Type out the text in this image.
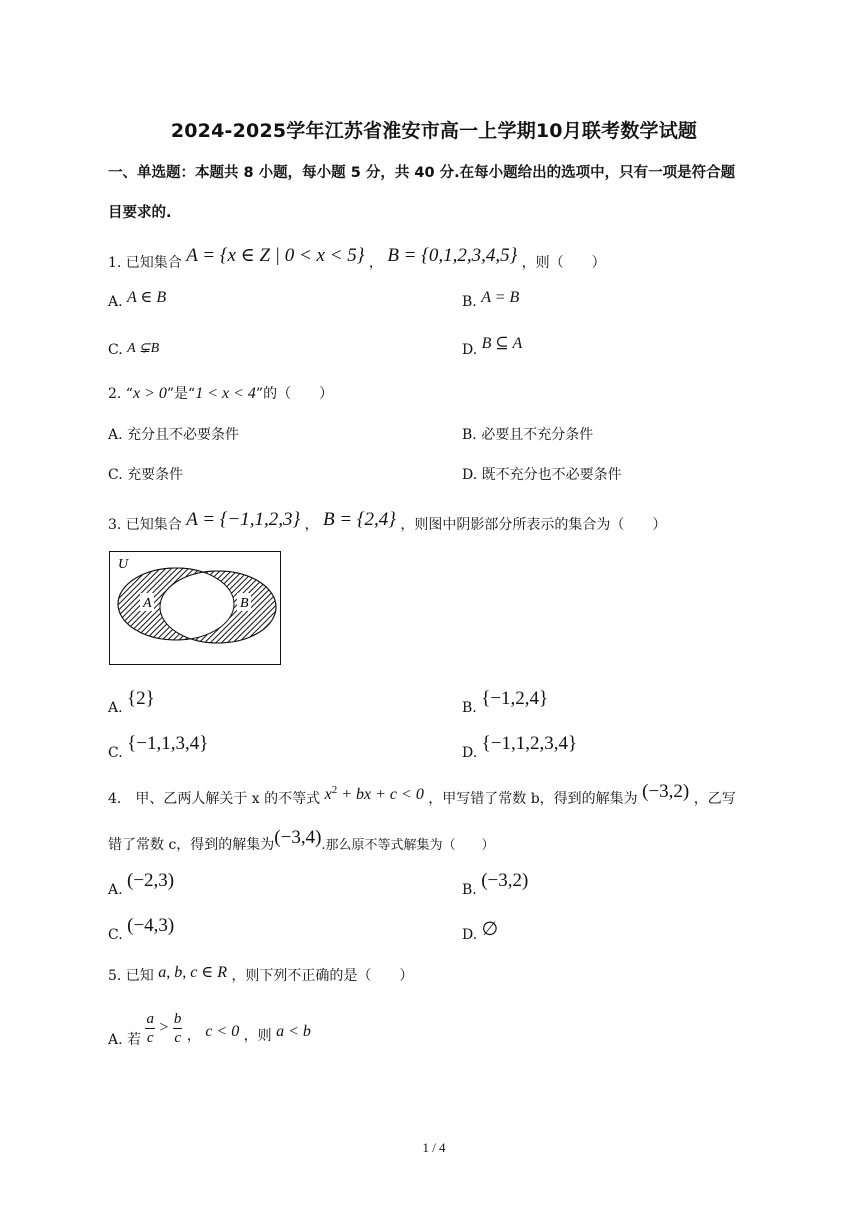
2024-2025学年江苏省淮安市高一上学期10月联考数学试题
一、单选题：本题共 8 小题，每小题 5 分，共 40 分.在每小题给出的选项中，只有一项是符合题
目要求的.
1. 已知集合 A = {x ∈ Z | 0 < x < 5} ， B = {0,1,2,3,4,5} ，则（　　）
A. A ∈ B	B. A = B
C. A ⊊B	D. B ⊆ A
2. “x > 0”是“1 < x < 4”的（　　）
A. 充分且不必要条件	B. 必要且不充分条件
C. 充要条件	D. 既不充分也不必要条件
3. 已知集合 A = {−1,1,2,3} ， B = {2,4} ，则图中阴影部分所表示的集合为（　　）
U
A	B
A. {2}	B. {−1,2,4}
C. {−1,1,3,4}	D. {−1,1,2,3,4}
4.　甲、乙两人解关于 x 的不等式 $x^2$ + bx + c < 0 ，甲写错了常数 b，得到的解集为 (−3,2) ，乙写
错了常数 c，得到的解集为(−3,4).那么原不等式解集为（　　）
A. (−2,3)	B. (−3,2)
C. (−4,3)	D. ∅
5. 已知 a, b, c ∈ R ，则下列不正确的是（　　）
A. 若 $\frac{a}{c} > \frac{b}{c}$ ， c < 0 ，则 a < b
1 / 4
